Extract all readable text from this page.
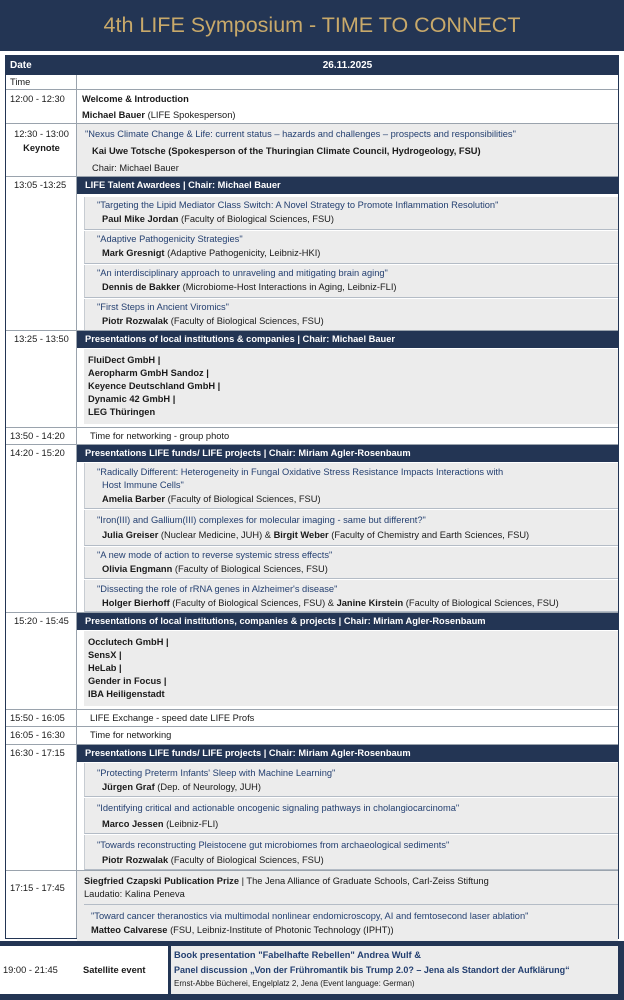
4th LIFE Symposium - TIME TO CONNECT
Date	26.11.2025
Time
12:00 - 12:30	Welcome & Introduction
Michael Bauer (LIFE Spokesperson)
12:30 - 13:00
Keynote
"Nexus Climate Change & Life: current status – hazards and challenges – prospects and responsibilities"
Kai Uwe Totsche (Spokesperson of the Thuringian Climate Council, Hydrogeology, FSU)
Chair: Michael Bauer
13:05 -13:25	LIFE Talent Awardees | Chair: Michael Bauer
"Targeting the Lipid Mediator Class Switch: A Novel Strategy to Promote Inflammation Resolution"
Paul Mike Jordan (Faculty of Biological Sciences, FSU)
"Adaptive Pathogenicity Strategies"
Mark Gresnigt (Adaptive Pathogenicity, Leibniz-HKI)
"An interdisciplinary approach to unraveling and mitigating brain aging"
Dennis de Bakker (Microbiome-Host Interactions in Aging, Leibniz-FLI)
"First Steps in Ancient Viromics"
Piotr Rozwalak (Faculty of Biological Sciences, FSU)
13:25 - 13:50	Presentations of local institutions & companies | Chair: Michael Bauer
FluiDect GmbH |
Aeropharm GmbH Sandoz |
Keyence Deutschland GmbH |
Dynamic 42 GmbH |
LEG Thüringen
13:50 - 14:20	Time for networking - group photo
14:20 - 15:20	Presentations LIFE funds/ LIFE projects | Chair: Miriam Agler-Rosenbaum
"Radically Different: Heterogeneity in Fungal Oxidative Stress Resistance Impacts Interactions with
Host Immune Cells"
Amelia Barber (Faculty of Biological Sciences, FSU)
"Iron(III) and Gallium(III) complexes for molecular imaging - same but different?"
Julia Greiser (Nuclear Medicine, JUH) & Birgit Weber (Faculty of Chemistry and Earth Sciences, FSU)
"A new mode of action to reverse systemic stress effects"
Olivia Engmann (Faculty of Biological Sciences, FSU)
"Dissecting the role of rRNA genes in Alzheimer's disease"
Holger Bierhoff (Faculty of Biological Sciences, FSU) & Janine Kirstein (Faculty of Biological Sciences, FSU)
15:20 - 15:45	Presentations of local institutions, companies & projects | Chair: Miriam Agler-Rosenbaum
Occlutech GmbH |
SensX |
HeLab |
Gender in Focus |
IBA Heiligenstadt
15:50 - 16:05	LIFE Exchange - speed date LIFE Profs
16:05 - 16:30	Time for networking
16:30 - 17:15	Presentations LIFE funds/ LIFE projects | Chair: Miriam Agler-Rosenbaum
"Protecting Preterm Infants' Sleep with Machine Learning"
Jürgen Graf (Dep. of Neurology, JUH)
"Identifying critical and actionable oncogenic signaling pathways in cholangiocarcinoma"
Marco Jessen (Leibniz-FLI)
"Towards reconstructing Pleistocene gut microbiomes from archaeological sediments"
Piotr Rozwalak (Faculty of Biological Sciences, FSU)
17:15 - 17:45
Siegfried Czapski Publication Prize | The Jena Alliance of Graduate Schools, Carl-Zeiss Stiftung
Laudatio: Kalina Peneva
"Toward cancer theranostics via multimodal nonlinear endomicroscopy, AI and femtosecond laser ablation"
Matteo Calvarese (FSU, Leibniz-Institute of Photonic Technology (IPHT))
19:00 - 21:45	Satellite event
Book presentation "Fabelhafte Rebellen" Andrea Wulf &
Panel discussion „Von der Frühromantik bis Trump 2.0? – Jena als Standort der Aufklärung“
Ernst-Abbe Bücherei, Engelplatz 2, Jena (Event language: German)
